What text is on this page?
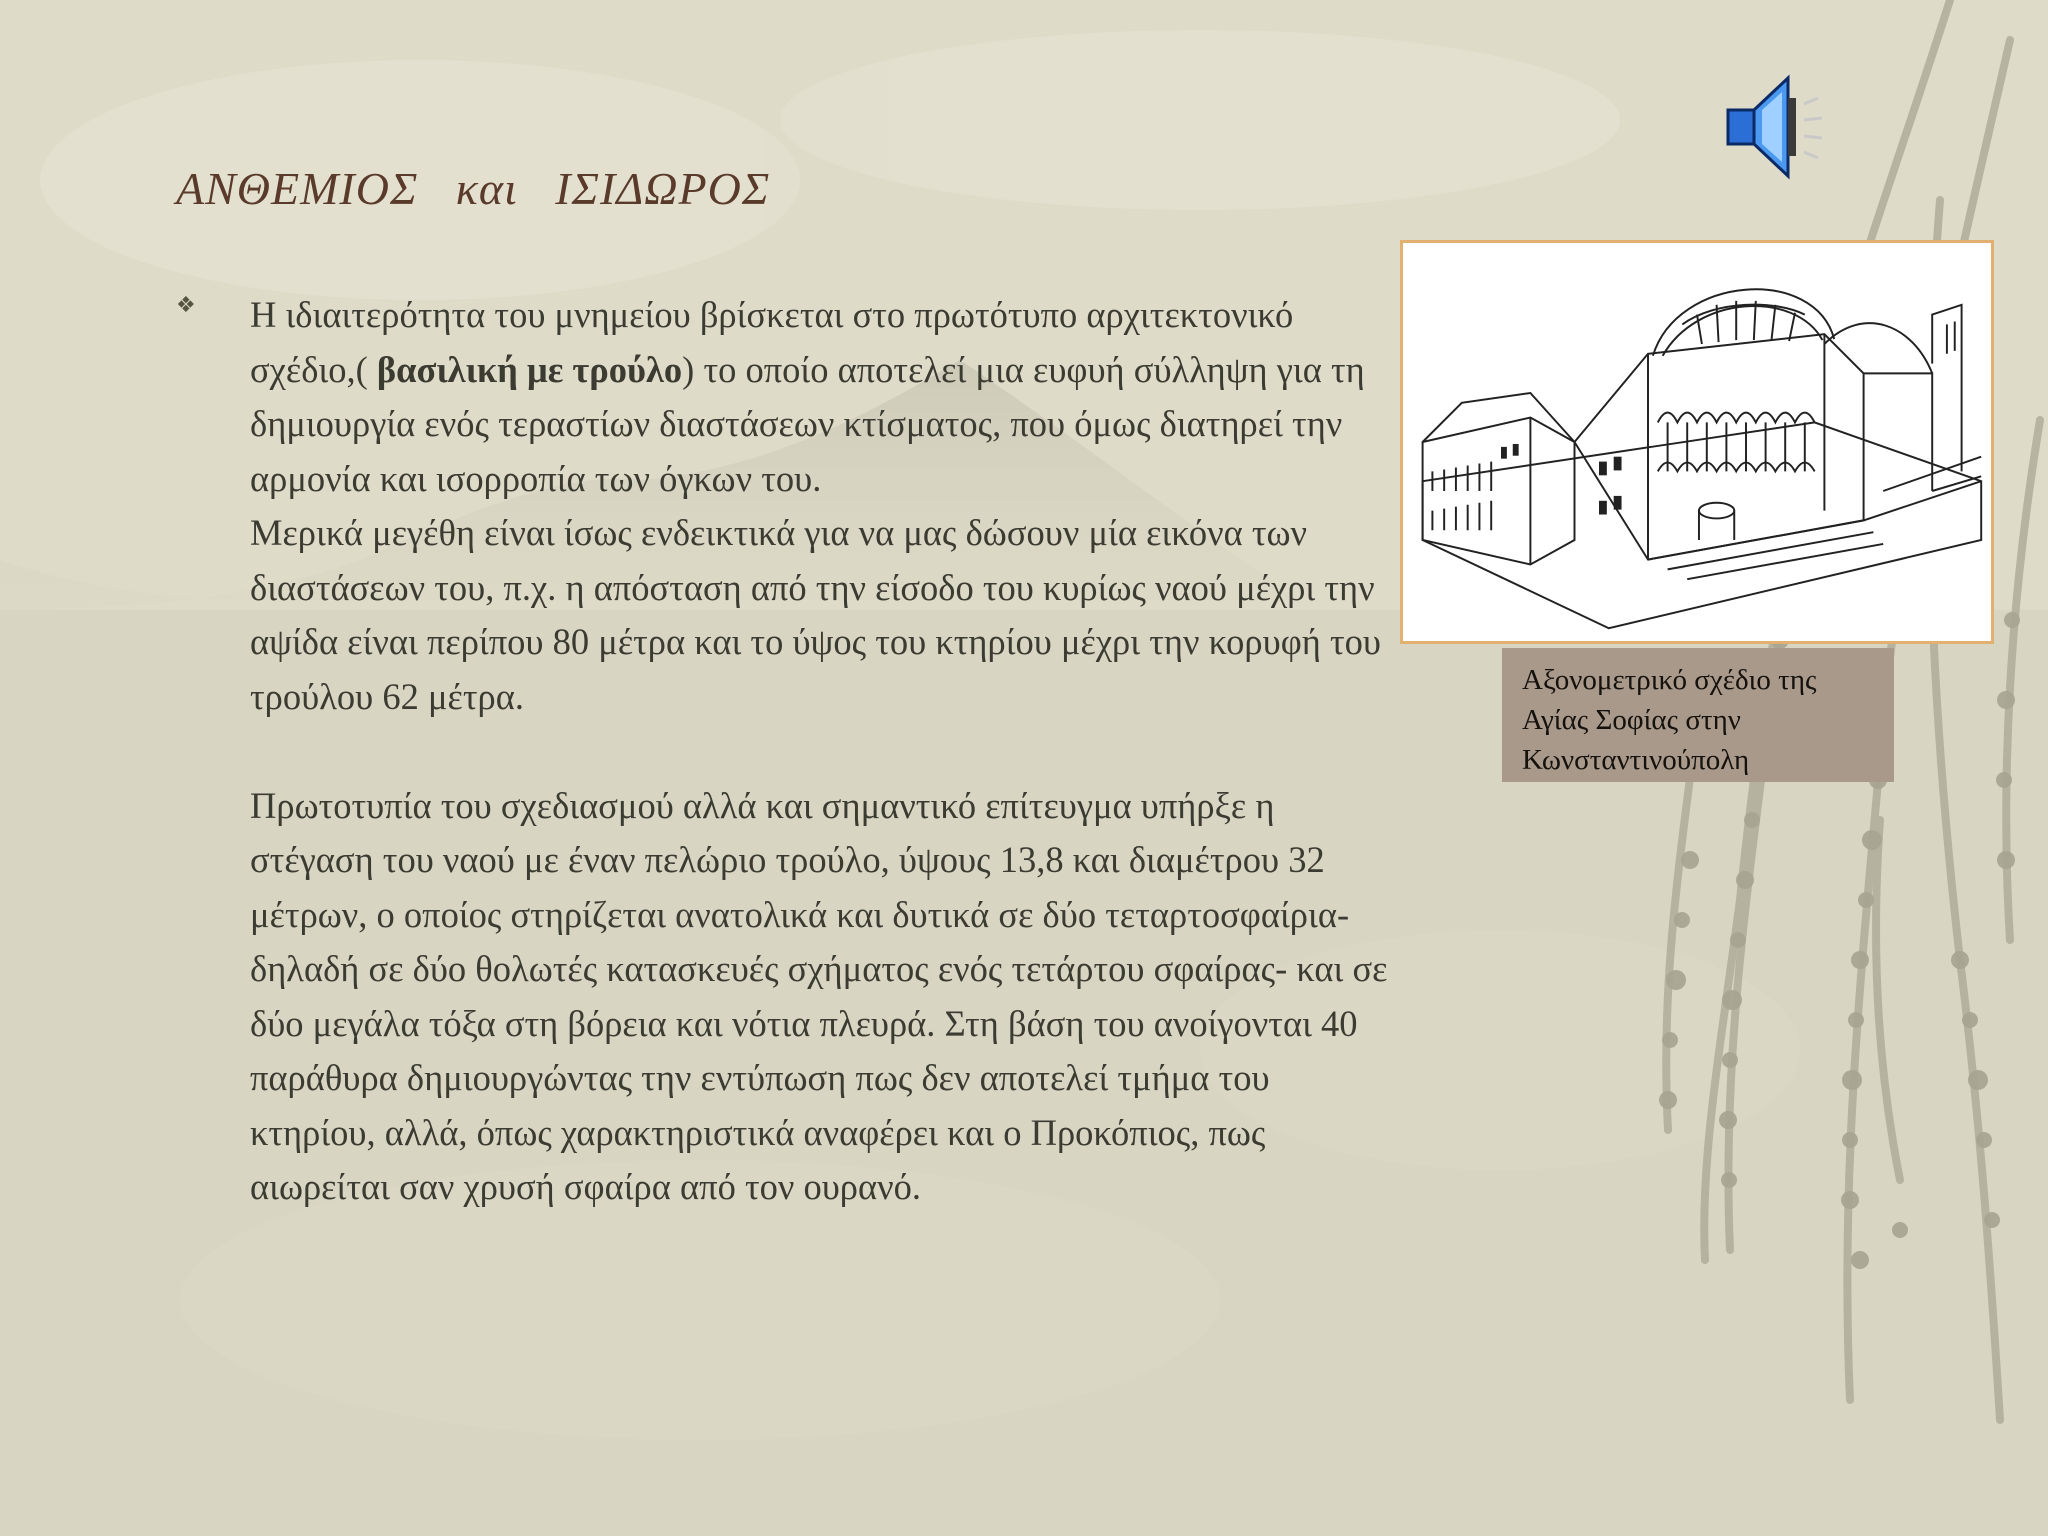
ΑΝΘΕΜΙΟΣ   και   ΙΣΙΔΩΡΟΣ
❖ Η ιδιαιτερότητα του μνημείου βρίσκεται στο πρωτότυπο αρχιτεκτονικό σχέδιο,( βασιλική με τρούλο) το οποίο αποτελεί μια ευφυή σύλληψη για τη δημιουργία ενός τεραστίων διαστάσεων κτίσματος, που όμως διατηρεί την αρμονία και ισορροπία των όγκων του.

Μερικά μεγέθη είναι ίσως ενδεικτικά για να μας δώσουν μία εικόνα των διαστάσεων του, π.χ. η απόσταση από την είσοδο του κυρίως ναού μέχρι την αψίδα είναι περίπου 80 μέτρα και το ύψος του κτηρίου μέχρι την κορυφή του τρούλου 62 μέτρα.

Πρωτοτυπία του σχεδιασμού αλλά και σημαντικό επίτευγμα υπήρξε η στέγαση του ναού με έναν πελώριο τρούλο, ύψους 13,8 και διαμέτρου 32 μέτρων, ο οποίος στηρίζεται ανατολικά και δυτικά σε δύο τεταρτοσφαίρια- δηλαδή σε δύο θολωτές κατασκευές σχήματος ενός τετάρτου σφαίρας- και σε δύο μεγάλα τόξα στη βόρεια και νότια πλευρά. Στη βάση του ανοίγονται 40 παράθυρα δημιουργώντας την εντύπωση πως δεν αποτελεί τμήμα του κτηρίου, αλλά, όπως χαρακτηριστικά αναφέρει και ο Προκόπιος, πως αιωρείται σαν χρυσή σφαίρα από τον ουρανό.

Αξονομετρικό σχέδιο της
Αγίας Σοφίας στην
Κωνσταντινούπολη
